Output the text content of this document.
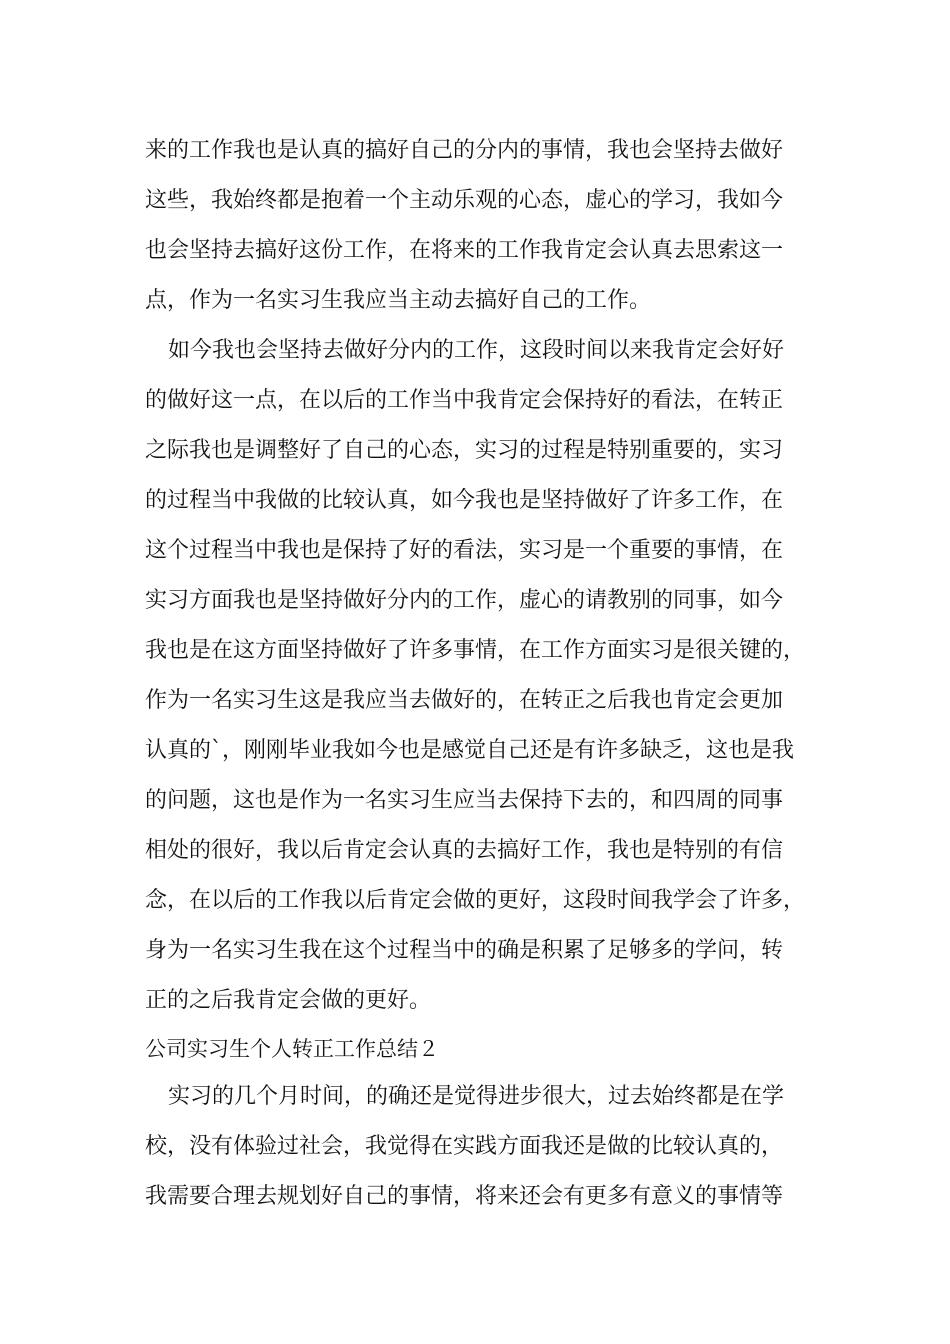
来的工作我也是认真的搞好自己的分内的事情，我也会坚持去做好
这些，我始终都是抱着一个主动乐观的心态，虚心的学习，我如今
也会坚持去搞好这份工作，在将来的工作我肯定会认真去思索这一
点，作为一名实习生我应当主动去搞好自己的工作。
如今我也会坚持去做好分内的工作，这段时间以来我肯定会好好
的做好这一点，在以后的工作当中我肯定会保持好的看法，在转正
之际我也是调整好了自己的心态，实习的过程是特别重要的，实习
的过程当中我做的比较认真，如今我也是坚持做好了许多工作，在
这个过程当中我也是保持了好的看法，实习是一个重要的事情，在
实习方面我也是坚持做好分内的工作，虚心的请教别的同事，如今
我也是在这方面坚持做好了许多事情，在工作方面实习是很关键的，
作为一名实习生这是我应当去做好的，在转正之后我也肯定会更加
认真的`，刚刚毕业我如今也是感觉自己还是有许多缺乏，这也是我
的问题，这也是作为一名实习生应当去保持下去的，和四周的同事
相处的很好，我以后肯定会认真的去搞好工作，我也是特别的有信
念，在以后的工作我以后肯定会做的更好，这段时间我学会了许多，
身为一名实习生我在这个过程当中的确是积累了足够多的学问，转
正的之后我肯定会做的更好。
公司实习生个人转正工作总结２
实习的几个月时间，的确还是觉得进步很大，过去始终都是在学
校，没有体验过社会，我觉得在实践方面我还是做的比较认真的，
我需要合理去规划好自己的事情，将来还会有更多有意义的事情等
